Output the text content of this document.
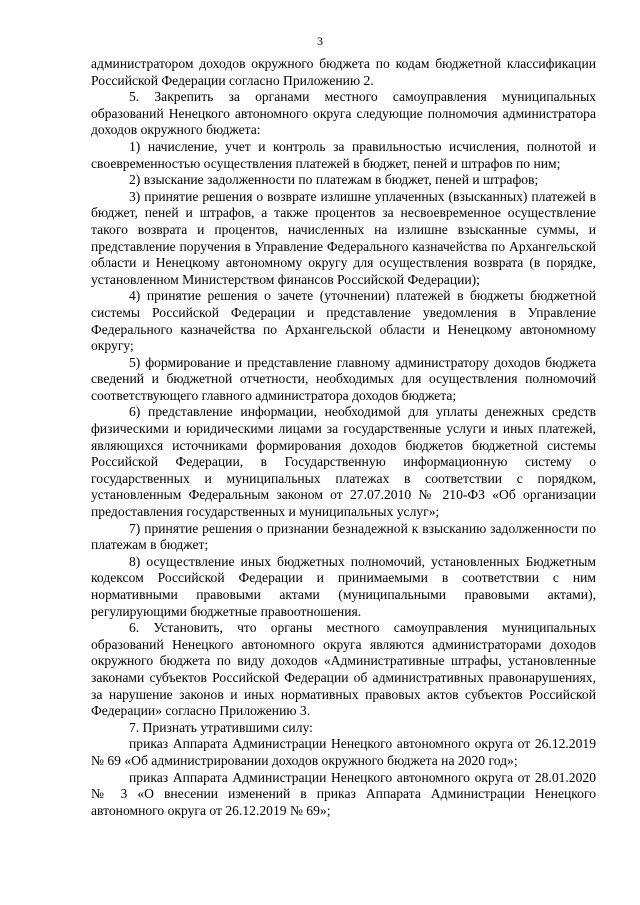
3

администратором доходов окружного бюджета по кодам бюджетной классификации Российской Федерации согласно Приложению 2.

5. Закрепить за органами местного самоуправления муниципальных образований Ненецкого автономного округа следующие полномочия администратора доходов окружного бюджета:

1) начисление, учет и контроль за правильностью исчисления, полнотой и своевременностью осуществления платежей в бюджет, пеней и штрафов по ним;

2) взыскание задолженности по платежам в бюджет, пеней и штрафов;

3) принятие решения о возврате излишне уплаченных (взысканных) платежей в бюджет, пеней и штрафов, а также процентов за несвоевременное осуществление такого возврата и процентов, начисленных на излишне взысканные суммы, и представление поручения в Управление Федерального казначейства по Архангельской области и Ненецкому автономному округу для осуществления возврата (в порядке, установленном Министерством финансов Российской Федерации);

4) принятие решения о зачете (уточнении) платежей в бюджеты бюджетной системы Российской Федерации и представление уведомления в Управление Федерального казначейства по Архангельской области и Ненецкому автономному округу;

5) формирование и представление главному администратору доходов бюджета сведений и бюджетной отчетности, необходимых для осуществления полномочий соответствующего главного администратора доходов бюджета;

6) представление информации, необходимой для уплаты денежных средств физическими и юридическими лицами за государственные услуги и иных платежей, являющихся источниками формирования доходов бюджетов бюджетной системы Российской Федерации, в Государственную информационную систему о государственных и муниципальных платежах в соответствии с порядком, установленным Федеральным законом от 27.07.2010 № 210-ФЗ «Об организации предоставления государственных и муниципальных услуг»;

7) принятие решения о признании безнадежной к взысканию задолженности по платежам в бюджет;

8) осуществление иных бюджетных полномочий, установленных Бюджетным кодексом Российской Федерации и принимаемыми в соответствии с ним нормативными правовыми актами (муниципальными правовыми актами), регулирующими бюджетные правоотношения.

6. Установить, что органы местного самоуправления муниципальных образований Ненецкого автономного округа являются администраторами доходов окружного бюджета по виду доходов «Административные штрафы, установленные законами субъектов Российской Федерации об административных правонарушениях, за нарушение законов и иных нормативных правовых актов субъектов Российской Федерации» согласно Приложению 3.

7. Признать утратившими силу:

приказ Аппарата Администрации Ненецкого автономного округа от 26.12.2019 № 69 «Об администрировании доходов окружного бюджета на 2020 год»;

приказ Аппарата Администрации Ненецкого автономного округа от 28.01.2020 № 3 «О внесении изменений в приказ Аппарата Администрации Ненецкого автономного округа от 26.12.2019 № 69»;
